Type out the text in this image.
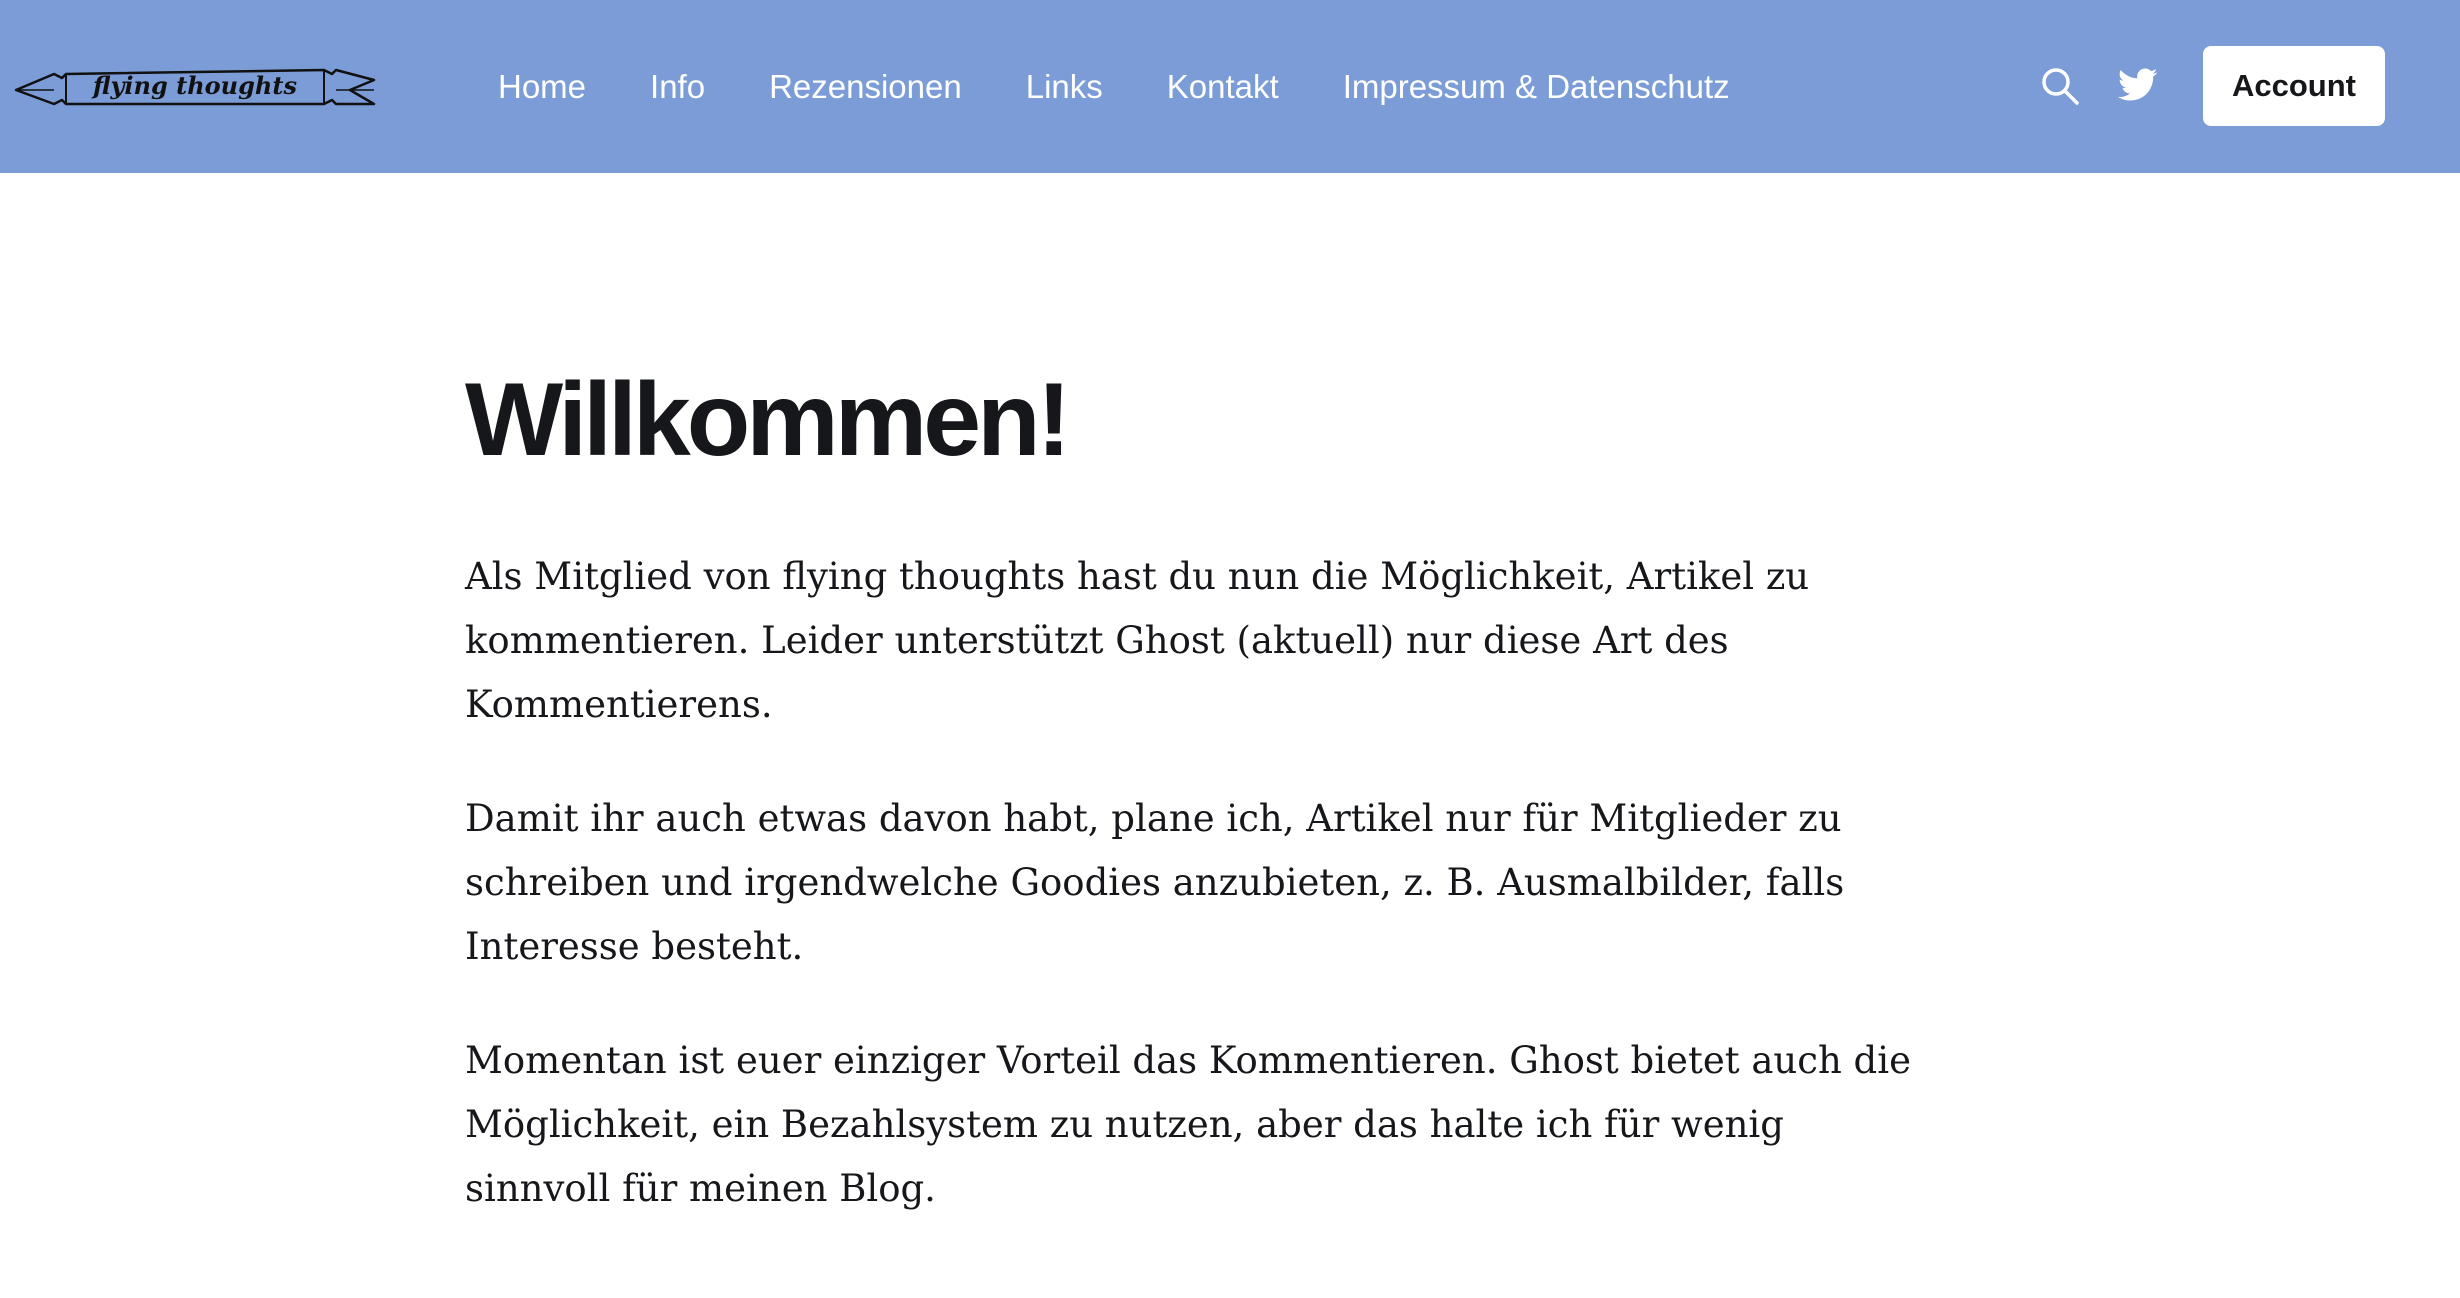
flying thoughts	Home Info Rezensionen Links Kontakt Impressum & Datenschutz	Account
Willkommen!

Als Mitglied von flying thoughts hast du nun die Möglichkeit, Artikel zu kommentieren. Leider unterstützt Ghost (aktuell) nur diese Art des Kommentierens.

Damit ihr auch etwas davon habt, plane ich, Artikel nur für Mitglieder zu schreiben und irgendwelche Goodies anzubieten, z. B. Ausmalbilder, falls Interesse besteht.

Momentan ist euer einziger Vorteil das Kommentieren. Ghost bietet auch die Möglichkeit, ein Bezahlsystem zu nutzen, aber das halte ich für wenig sinnvoll für meinen Blog.
